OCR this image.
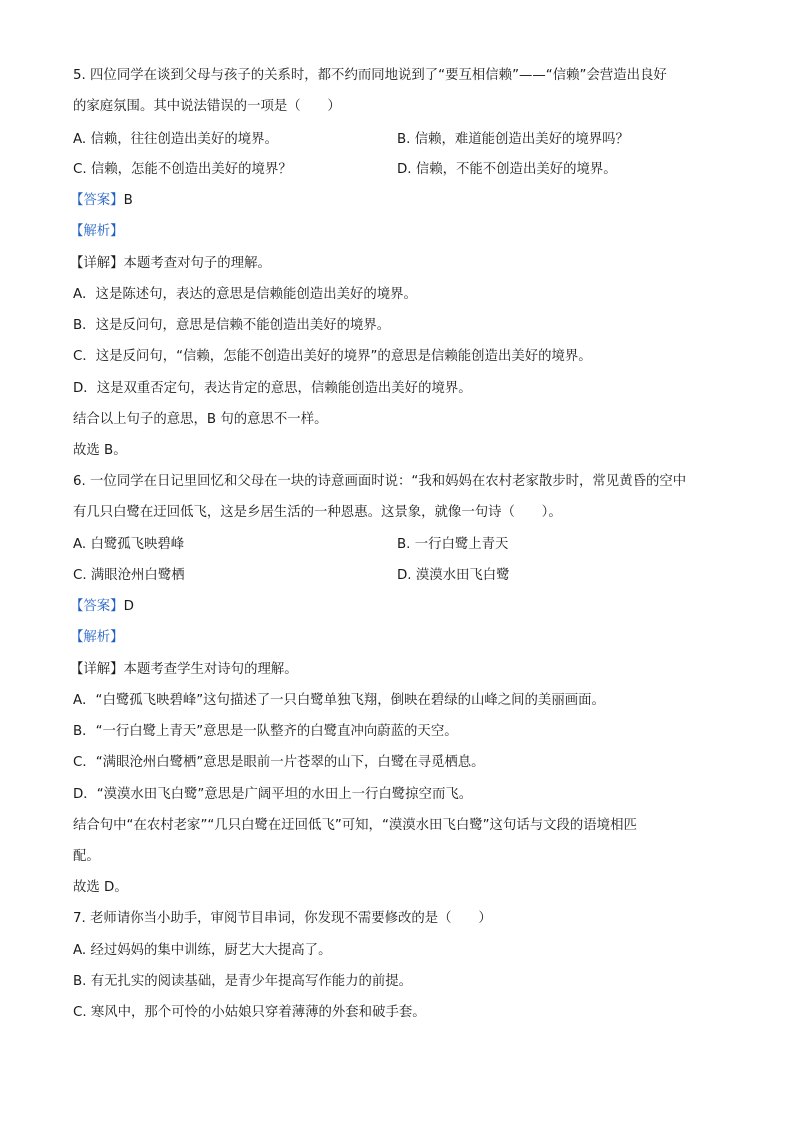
5. 四位同学在谈到父母与孩子的关系时，都不约而同地说到了“要互相信赖”——“信赖”会营造出良好
的家庭氛围。其中说法错误的一项是（　　）
A. 信赖，往往创造出美好的境界。	B. 信赖，难道能创造出美好的境界吗？
C. 信赖，怎能不创造出美好的境界？	D. 信赖，不能不创造出美好的境界。
【答案】B
【解析】
【详解】本题考查对句子的理解。
A．这是陈述句，表达的意思是信赖能创造出美好的境界。
B．这是反问句，意思是信赖不能创造出美好的境界。
C．这是反问句，“信赖，怎能不创造出美好的境界”的意思是信赖能创造出美好的境界。
D．这是双重否定句，表达肯定的意思，信赖能创造出美好的境界。
结合以上句子的意思，B 句的意思不一样。
故选 B。
6. 一位同学在日记里回忆和父母在一块的诗意画面时说：“我和妈妈在农村老家散步时，常见黄昏的空中
有几只白鹭在迂回低飞，这是乡居生活的一种恩惠。这景象，就像一句诗（　　）。
A. 白鹭孤飞映碧峰	B. 一行白鹭上青天
C. 满眼沧州白鹭栖	D. 漠漠水田飞白鹭
【答案】D
【解析】
【详解】本题考查学生对诗句的理解。
A．“白鹭孤飞映碧峰”这句描述了一只白鹭单独飞翔，倒映在碧绿的山峰之间的美丽画面。
B．“一行白鹭上青天”意思是一队整齐的白鹭直冲向蔚蓝的天空。
C．“满眼沧州白鹭栖”意思是眼前一片苍翠的山下，白鹭在寻觅栖息。
D．“漠漠水田飞白鹭”意思是广阔平坦的水田上一行白鹭掠空而飞。
结合句中“在农村老家”“几只白鹭在迂回低飞”可知，“漠漠水田飞白鹭”这句话与文段的语境相匹
配。
故选 D。
7. 老师请你当小助手，审阅节目串词，你发现不需要修改的是（　　）
A. 经过妈妈的集中训练，厨艺大大提高了。
B. 有无扎实的阅读基础，是青少年提高写作能力的前提。
C. 寒风中，那个可怜的小姑娘只穿着薄薄的外套和破手套。
